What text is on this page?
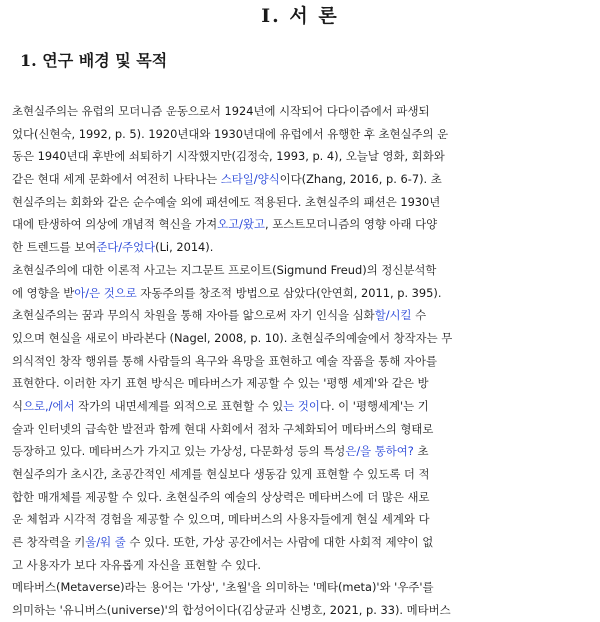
I. 서 론
1. 연구 배경 및 목적
초현실주의는 유럽의 모더니즘 운동으로서 1924년에 시작되어 다다이즘에서 파생되
었다(신현숙, 1992, p. 5). 1920년대와 1930년대에 유럽에서 유행한 후 초현실주의 운
동은 1940년대 후반에 쇠퇴하기 시작했지만(김정숙, 1993, p. 4), 오늘날 영화, 회화와
같은 현대 세계 문화에서 여전히 나타나는 스타일/양식이다(Zhang, 2016, p. 6-7). 초
현실주의는 회화와 같은 순수예술 외에 패션에도 적용된다. 초현실주의 패션은 1930년
대에 탄생하여 의상에 개념적 혁신을 가져오고/왔고, 포스트모더니즘의 영향 아래 다양
한 트렌드를 보여준다/주었다(Li, 2014).
초현실주의에 대한 이론적 사고는 지그문트 프로이트(Sigmund Freud)의 정신분석학
에 영향을 받아/은 것으로 자동주의를 창조적 방법으로 삼았다(안연희, 2011, p. 395).
초현실주의는 꿈과 무의식 차원을 통해 자아를 앎으로써 자기 인식을 심화할/시킬 수
있으며 현실을 새로이 바라본다 (Nagel, 2008, p. 10). 초현실주의예술에서 창작자는 무
의식적인 창작 행위를 통해 사람들의 욕구와 욕망을 표현하고 예술 작품을 통해 자아를
표현한다. 이러한 자기 표현 방식은 메타버스가 제공할 수 있는 '평행 세계'와 같은 방
식으로,/에서 작가의 내면세계를 외적으로 표현할 수 있는 것이다. 이 '평행세계'는 기
술과 인터넷의 급속한 발전과 함께 현대 사회에서 점차 구체화되어 메타버스의 형태로
등장하고 있다. 메타버스가 가지고 있는 가상성, 다문화성 등의 특성은/을 통하여? 초
현실주의가 초시간, 초공간적인 세계를 현실보다 생동감 있게 표현할 수 있도록 더 적
합한 매개체를 제공할 수 있다. 초현실주의 예술의 상상력은 메타버스에 더 많은 새로
운 체험과 시각적 경험을 제공할 수 있으며, 메타버스의 사용자들에게 현실 세계와 다
른 창작력을 키울/워 줄 수 있다. 또한, 가상 공간에서는 사람에 대한 사회적 제약이 없
고 사용자가 보다 자유롭게 자신을 표현할 수 있다.
메타버스(Metaverse)라는 용어는 '가상', '초월'을 의미하는 '메타(meta)'와 '우주'를
의미하는 '유니버스(universe)'의 합성어이다(김상균과 신병호, 2021, p. 33). 메타버스
